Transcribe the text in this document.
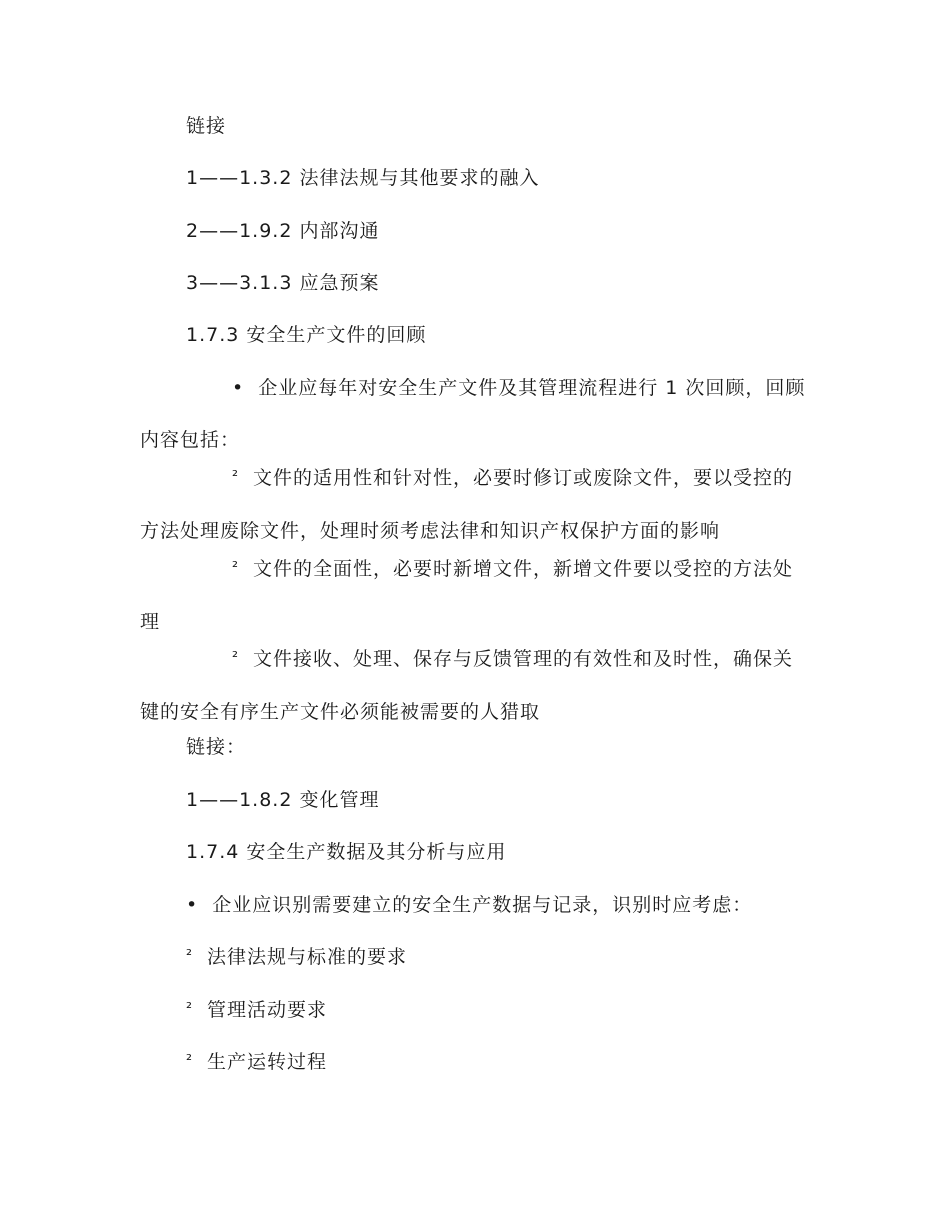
链接
1——1.3.2 法律法规与其他要求的融入
2——1.9.2 内部沟通
3——3.1.3 应急预案
1.7.3 安全生产文件的回顾
• 企业应每年对安全生产文件及其管理流程进行 1 次回顾，回顾内容包括：
² 文件的适用性和针对性，必要时修订或废除文件，要以受控的方法处理废除文件，处理时须考虑法律和知识产权保护方面的影响
² 文件的全面性，必要时新增文件，新增文件要以受控的方法处理
² 文件接收、处理、保存与反馈管理的有效性和及时性，确保关键的安全有序生产文件必须能被需要的人猎取
链接：
1——1.8.2 变化管理
1.7.4 安全生产数据及其分析与应用
• 企业应识别需要建立的安全生产数据与记录，识别时应考虑：
² 法律法规与标准的要求
² 管理活动要求
² 生产运转过程
